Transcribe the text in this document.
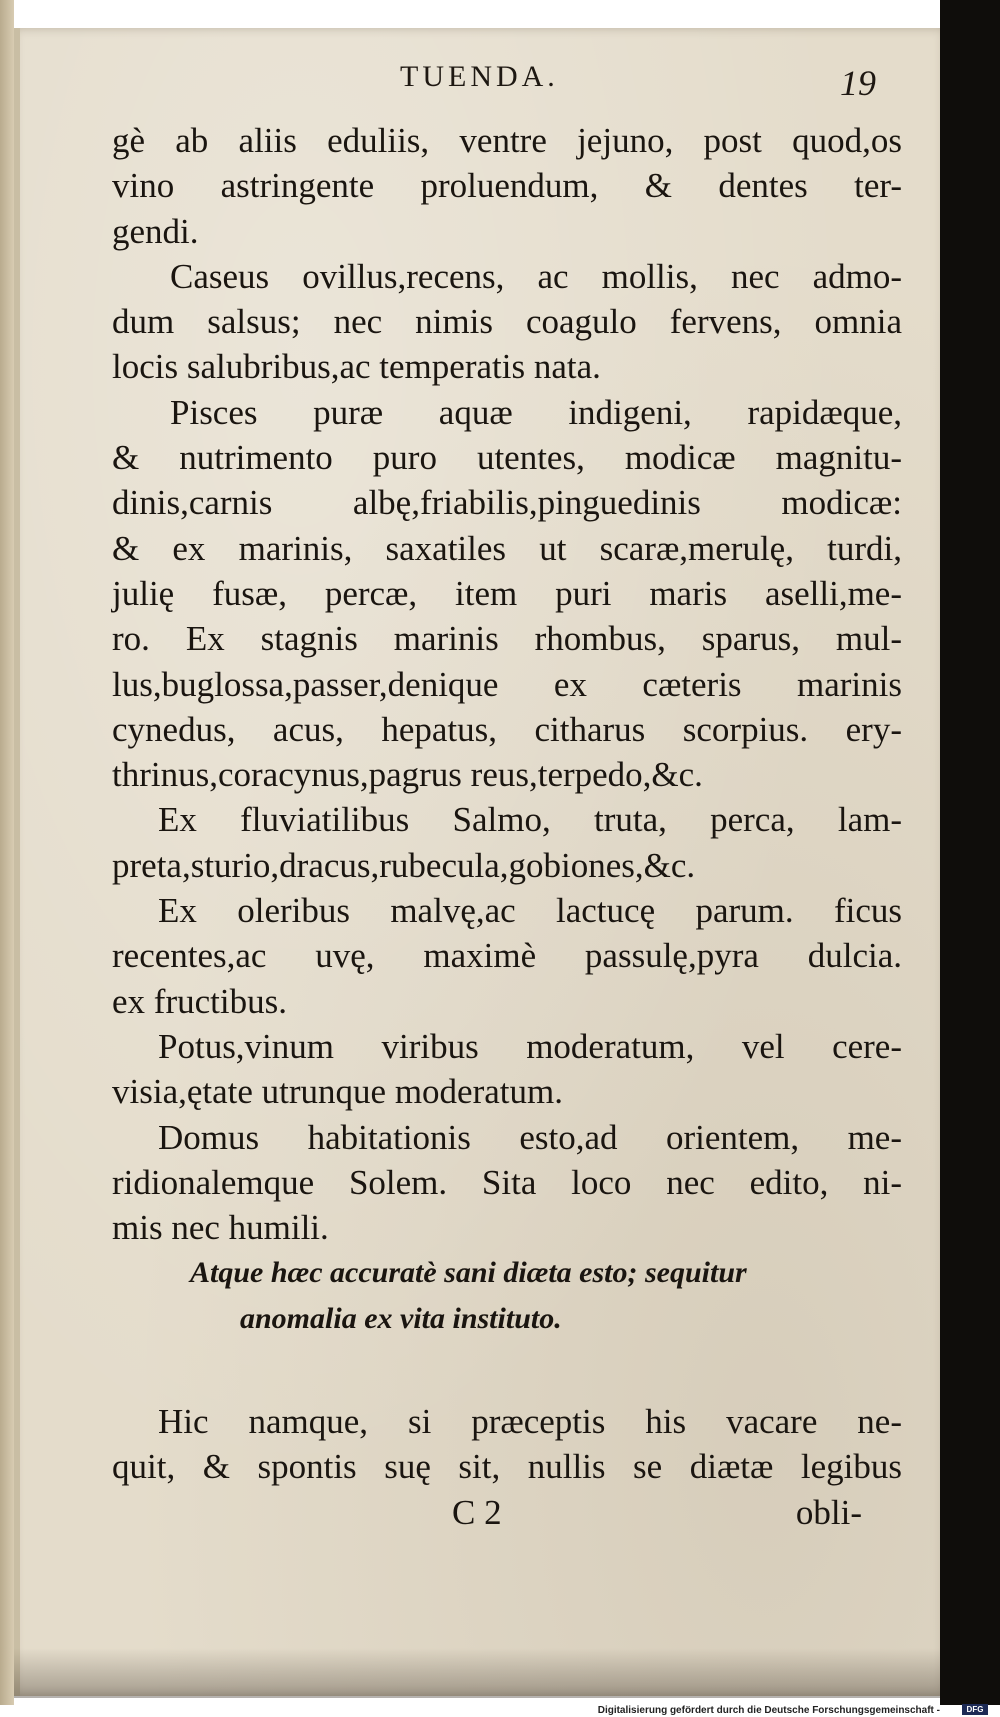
TUENDA.	19
gè ab aliis eduliis, ventre jejuno, post quod,os
vino astringente proluendum, & dentes ter-
gendi.
Caseus ovillus,recens, ac mollis, nec admo-
dum salsus; nec nimis coagulo fervens, omnia
locis salubribus,ac temperatis nata.
Pisces puræ aquæ indigeni, rapidæque,
& nutrimento puro utentes, modicæ magnitu-
dinis,carnis albę,friabilis,pinguedinis modicæ:
& ex marinis, saxatiles ut scaræ,merulę, turdi,
julię fusæ, percæ, item puri maris aselli,me-
ro. Ex stagnis marinis rhombus, sparus, mul-
lus,buglossa,passer,denique ex cæteris marinis
cynedus, acus, hepatus, citharus scorpius. ery-
thrinus,coracynus,pagrus reus,terpedo,&c.
Ex fluviatilibus Salmo, truta, perca, lam-
preta,sturio,dracus,rubecula,gobiones,&c.
Ex oleribus malvę,ac lactucę parum. ficus
recentes,ac uvę, maximè passulę,pyra dulcia.
ex fructibus.
Potus,vinum viribus moderatum, vel cere-
visia,ętate utrunque moderatum.
Domus habitationis esto,ad orientem, me-
ridionalemque Solem. Sita loco nec edito, ni-
mis nec humili.
Atque hæc accuratè sani diæta esto; sequitur
anomalia ex vita instituto.
Hic namque, si præceptis his vacare ne-
quit, & spontis suę sit, nullis se diætæ legibus
C 2	obli-
Digitalisierung gefördert durch die Deutsche Forschungsgemeinschaft -	DFG
